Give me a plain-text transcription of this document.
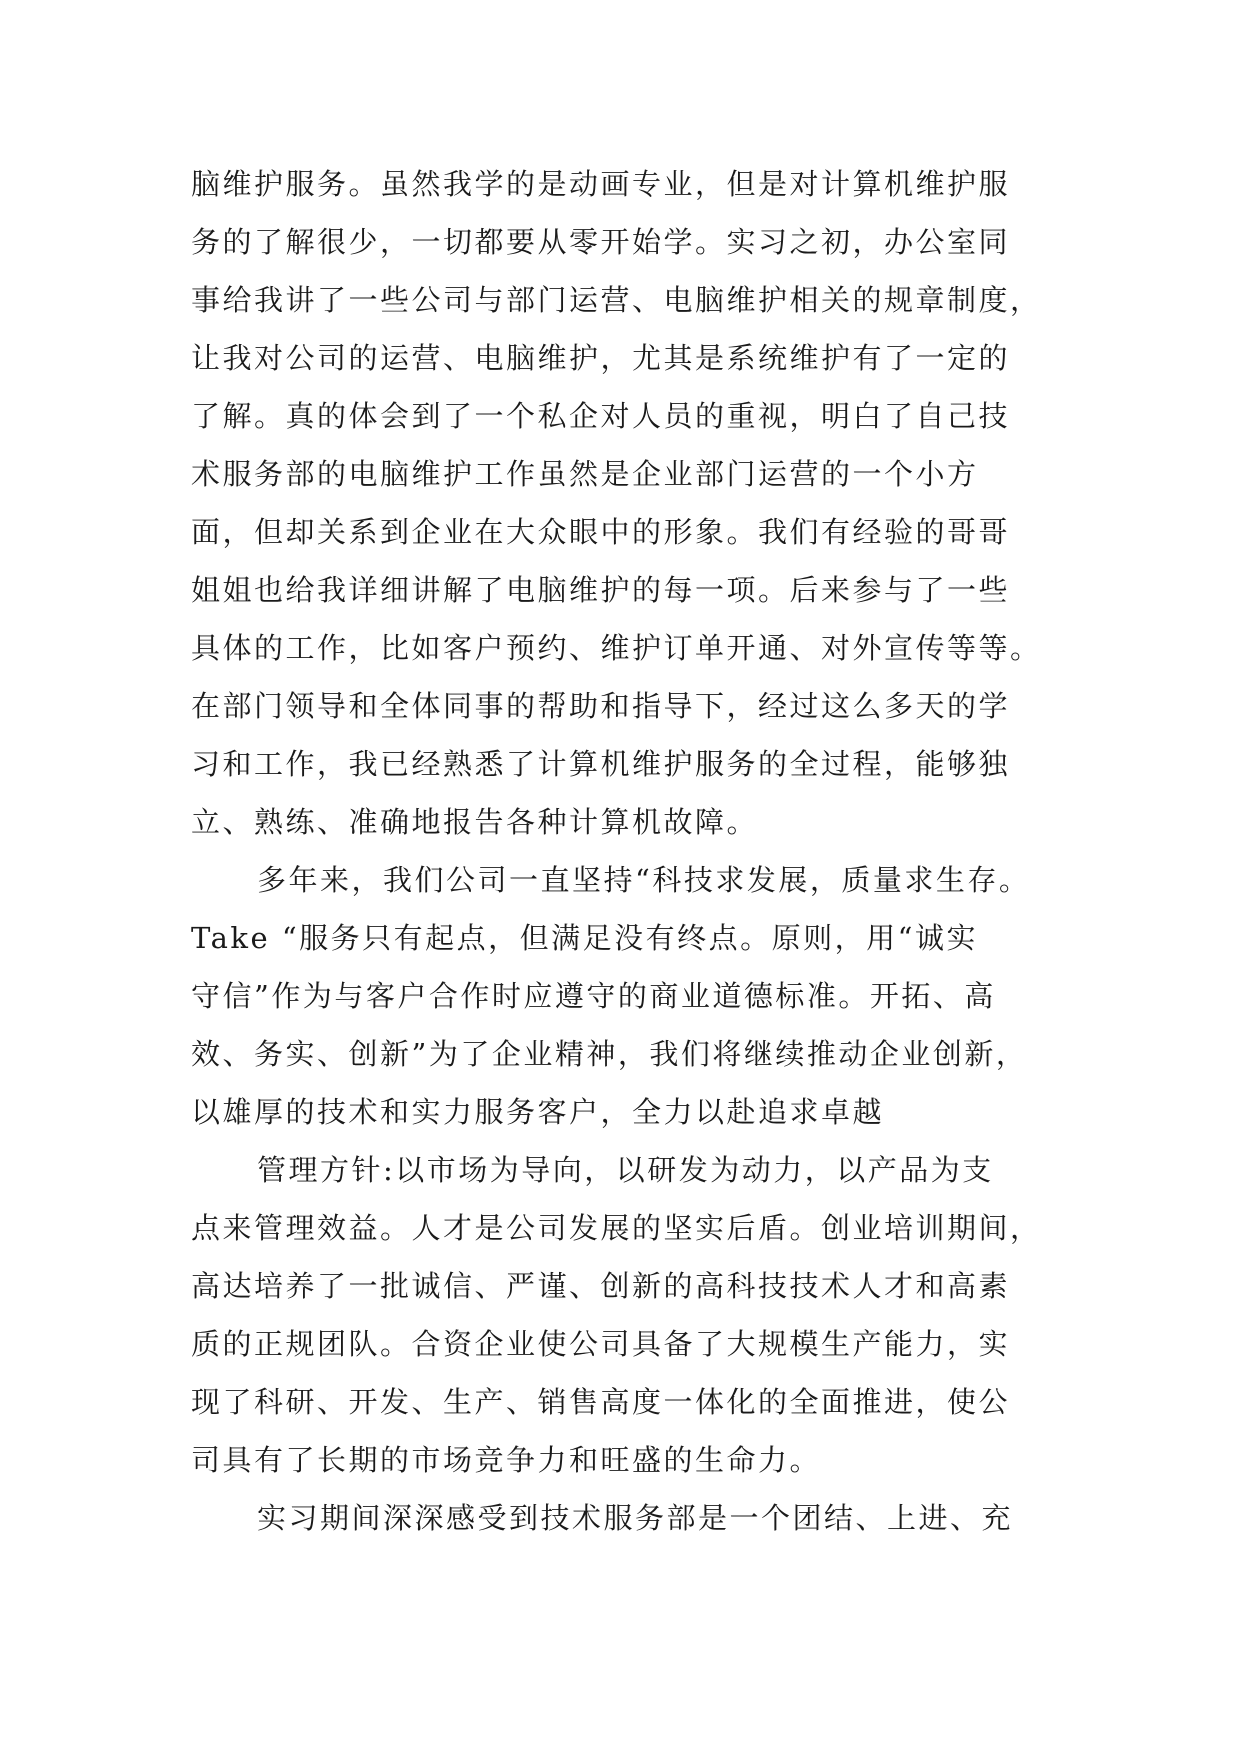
脑维护服务。虽然我学的是动画专业，但是对计算机维护服
务的了解很少，一切都要从零开始学。实习之初，办公室同
事给我讲了一些公司与部门运营、电脑维护相关的规章制度，
让我对公司的运营、电脑维护，尤其是系统维护有了一定的
了解。真的体会到了一个私企对人员的重视，明白了自己技
术服务部的电脑维护工作虽然是企业部门运营的一个小方
面，但却关系到企业在大众眼中的形象。我们有经验的哥哥
姐姐也给我详细讲解了电脑维护的每一项。后来参与了一些
具体的工作，比如客户预约、维护订单开通、对外宣传等等。
在部门领导和全体同事的帮助和指导下，经过这么多天的学
习和工作，我已经熟悉了计算机维护服务的全过程，能够独
立、熟练、准确地报告各种计算机故障。
多年来，我们公司一直坚持“科技求发展，质量求生存。
Take “服务只有起点，但满足没有终点。原则，用“诚实
守信”作为与客户合作时应遵守的商业道德标准。开拓、高
效、务实、创新”为了企业精神，我们将继续推动企业创新，
以雄厚的技术和实力服务客户，全力以赴追求卓越
管理方针:以市场为导向，以研发为动力，以产品为支
点来管理效益。人才是公司发展的坚实后盾。创业培训期间，
高达培养了一批诚信、严谨、创新的高科技技术人才和高素
质的正规团队。合资企业使公司具备了大规模生产能力，实
现了科研、开发、生产、销售高度一体化的全面推进，使公
司具有了长期的市场竞争力和旺盛的生命力。
实习期间深深感受到技术服务部是一个团结、上进、充
